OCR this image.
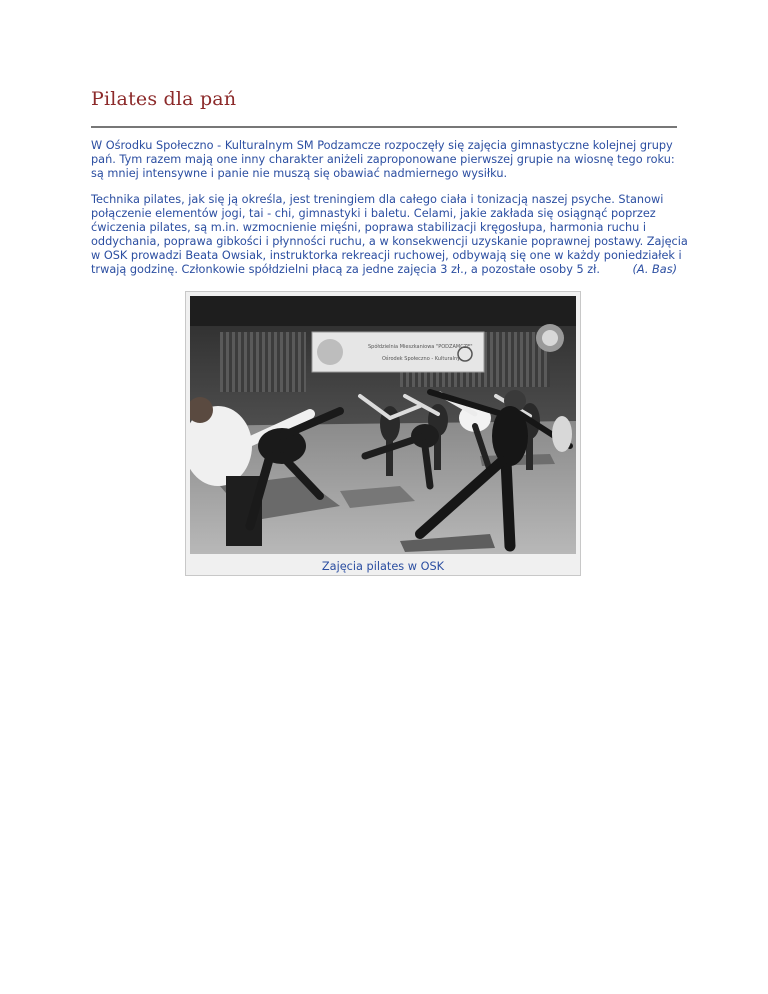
Pilates dla pań

W Ośrodku Społeczno - Kulturalnym SM Podzamcze rozpoczęły się zajęcia gimnastyczne kolejnej grupy pań. Tym razem mają one inny charakter aniżeli zaproponowane pierwszej grupie na wiosnę tego roku: są mniej intensywne i panie nie muszą się obawiać nadmiernego wysiłku.

Technika pilates, jak się ją określa, jest treningiem dla całego ciała i tonizacją naszej psyche. Stanowi połączenie elementów jogi, tai - chi, gimnastyki i baletu. Celami, jakie zakłada się osiągnąć poprzez ćwiczenia pilates, są m.in. wzmocnienie mięśni, poprawa stabilizacji kręgosłupa, harmonia ruchu i oddychania, poprawa gibkości i płynności ruchu, a w konsekwencji uzyskanie poprawnej postawy. Zajęcia w OSK prowadzi Beata Owsiak, instruktorka rekreacji ruchowej, odbywają się one w każdy poniedziałek i trwają godzinę. Członkowie spółdzielni płacą za jedne zajęcia 3 zł., a pozostałe osoby 5 zł.	(A. Bas)
Spółdzielnia Mieszkaniowa "PODZAMCZE"
Ośrodek Społeczno - Kulturalny
Zajęcia pilates w OSK
